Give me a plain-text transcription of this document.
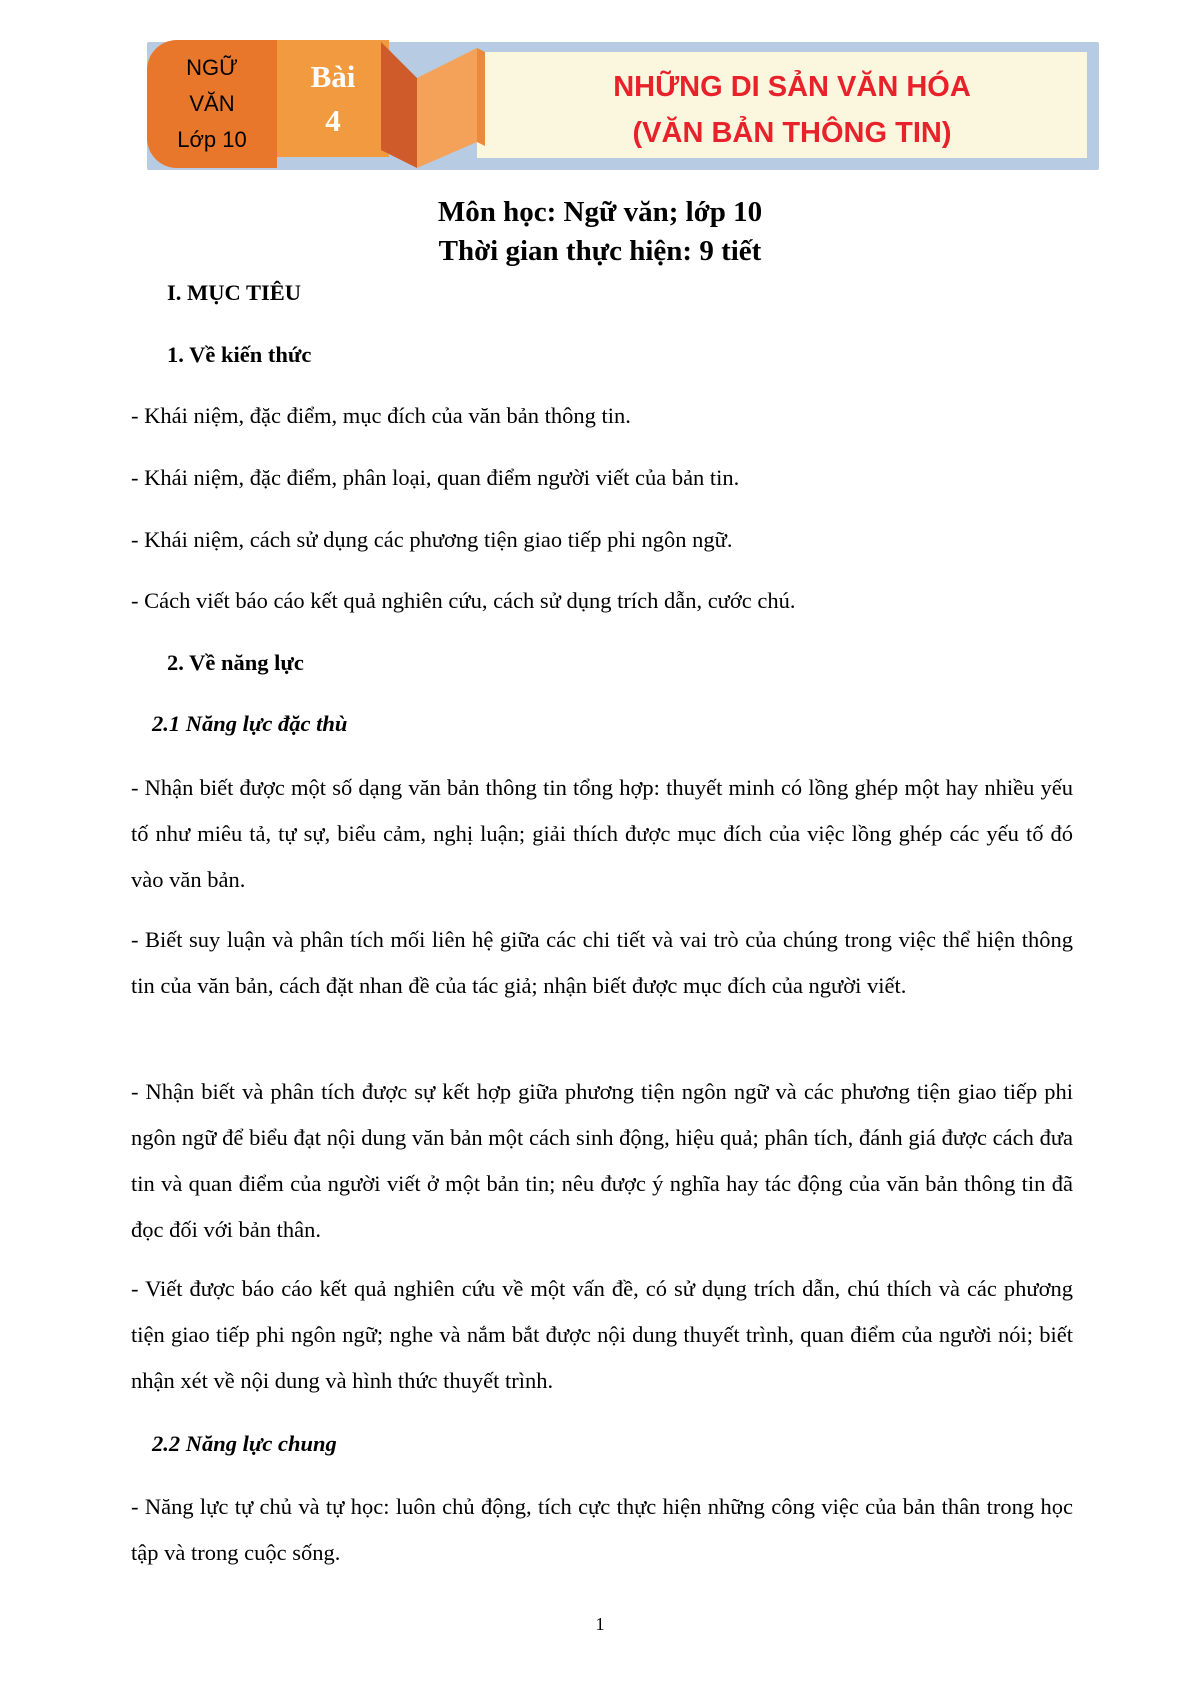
NGỮ
VĂN
Lớp 10
Bài
4
NHỮNG DI SẢN VĂN HÓA
(VĂN BẢN THÔNG TIN)
Môn học: Ngữ văn; lớp 10
Thời gian thực hiện: 9 tiết
I. MỤC TIÊU
1. Về kiến thức
- Khái niệm, đặc điểm, mục đích của văn bản thông tin.
- Khái niệm, đặc điểm, phân loại, quan điểm người viết của bản tin.
- Khái niệm, cách sử dụng các phương tiện giao tiếp phi ngôn ngữ.
- Cách viết báo cáo kết quả nghiên cứu, cách sử dụng trích dẫn, cước chú.
2. Về năng lực
2.1 Năng lực đặc thù
- Nhận biết được một số dạng văn bản thông tin tổng hợp: thuyết minh có lồng ghép một hay nhiều yếu tố như miêu tả, tự sự, biểu cảm, nghị luận; giải thích được mục đích của việc lồng ghép các yếu tố đó vào văn bản.
- Biết suy luận và phân tích mối liên hệ giữa các chi tiết và vai trò của chúng trong việc thể hiện thông tin của văn bản, cách đặt nhan đề của tác giả; nhận biết được mục đích của người viết.
- Nhận biết và phân tích được sự kết hợp giữa phương tiện ngôn ngữ và các phương tiện giao tiếp phi ngôn ngữ để biểu đạt nội dung văn bản một cách sinh động, hiệu quả; phân tích, đánh giá được cách đưa tin và quan điểm của người viết ở một bản tin; nêu được ý nghĩa hay tác động của văn bản thông tin đã đọc đối với bản thân.
- Viết được báo cáo kết quả nghiên cứu về một vấn đề, có sử dụng trích dẫn, chú thích và các phương tiện giao tiếp phi ngôn ngữ; nghe và nắm bắt được nội dung thuyết trình, quan điểm của người nói; biết nhận xét về nội dung và hình thức thuyết trình.
2.2 Năng lực chung
- Năng lực tự chủ và tự học: luôn chủ động, tích cực thực hiện những công việc của bản thân trong học tập và trong cuộc sống.
1
